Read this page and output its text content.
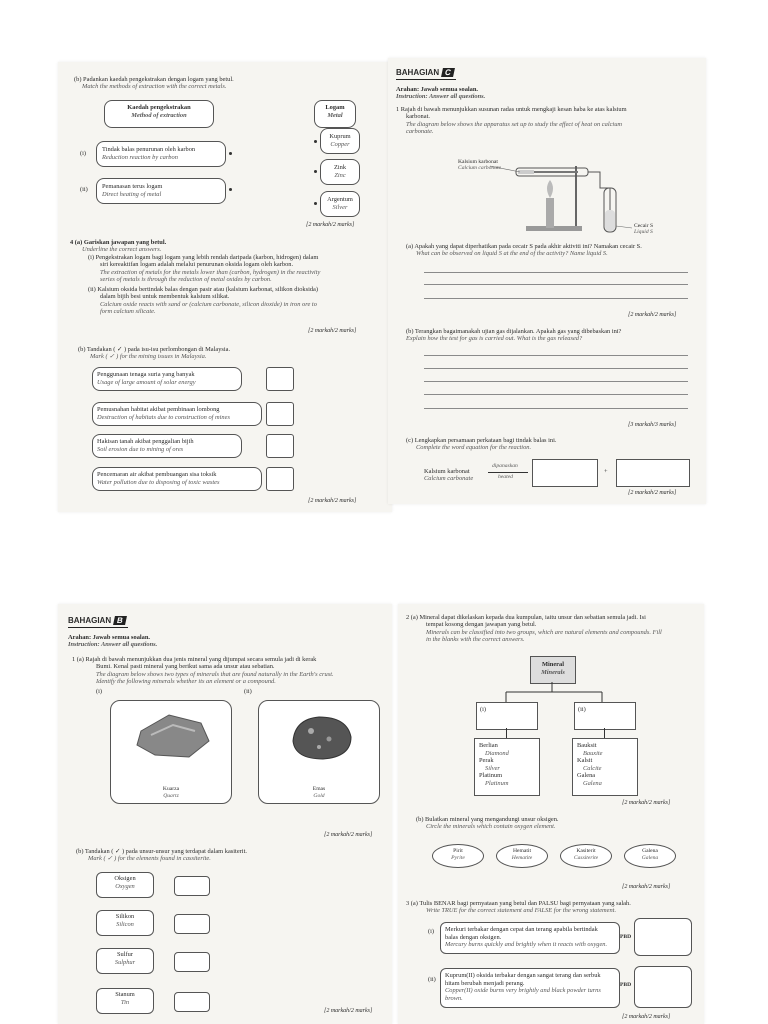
(b) Padankan kaedah pengekstrakan dengan logam yang betul.
Match the methods of extraction with the correct metals.
Kaedah pengekstrakan
Method of extraction
Logam
Metal
(i)
Tindak balas penurunan oleh karbon
Reduction reaction by carbon
(ii) Pemanasan terus logam
Direct heating of metal
Kuprum
Copper
Zink
Zinc
Argentum
Silver
[2 markah/2 marks]
4 (a) Gariskan jawapan yang betul.
Underline the correct answers.
(i) Pengekstrakan logam bagi logam yang lebih rendah daripada (karbon, hidrogen) dalam
siri kereaktifan logam adalah melalui penurunan oksida logam oleh karbon.
The extraction of metals for the metals lower than (carbon, hydrogen) in the reactivity
series of metals is through the reduction of metal oxides by carbon.
(ii) Kalsium oksida bertindak balas dengan pasir atau (kalsium karbonat, silikon dioksida)
dalam bijih besi untuk membentuk kalsium silikat.
Calcium oxide reacts with sand or (calcium carbonate, silicon dioxide) in iron ore to
form calcium silicate.
[2 markah/2 marks]
(b) Tandakan ( ✓ ) pada isu-isu perlombongan di Malaysia.
Mark ( ✓ ) for the mining issues in Malaysia.
Penggunaan tenaga suria yang banyak
Usage of large amount of solar energy
Pemusnahan habitat akibat pembinaan lombong
Destruction of habitats due to construction of mines
Hakisan tanah akibat penggalian bijih
Soil erosion due to mining of ores
Pencemaran air akibat pembuangan sisa toksik
Water pollution due to disposing of toxic wastes
[2 markah/2 marks]
BAHAGIAN C
Arahan: Jawab semua soalan.
Instruction: Answer all questions.
1 Rajah di bawah menunjukkan susunan radas untuk mengkaji kesan haba ke atas kalsium
karbonat.
The diagram below shows the apparatus set up to study the effect of heat on calcium
carbonate.
Kalsium karbonat
Calcium carbonate
Cecair S
Liquid S
(a) Apakah yang dapat diperhatikan pada cecair S pada akhir aktiviti ini? Namakan cecair S.
What can be observed on liquid S at the end of the activity? Name liquid S.
[2 markah/2 marks]
(b) Terangkan bagaimanakah ujian gas dijalankan. Apakah gas yang dibebaskan ini?
Explain how the test for gas is carried out. What is the gas released?
[3 markah/3 marks]
(c) Lengkapkan persamaan perkataan bagi tindak balas ini.
Complete the word equation for the reaction.
Kalsium karbonat
Calcium carbonate
dipanaskan
heated
+
[2 markah/2 marks]
BAHAGIAN B
Arahan: Jawab semua soalan.
Instruction: Answer all questions.
1 (a) Rajah di bawah menunjukkan dua jenis mineral yang dijumpai secara semula jadi di kerak
Bumi. Kenal pasti mineral yang berikut sama ada unsur atau sebatian.
The diagram below shows two types of minerals that are found naturally in the Earth's crust.
Identify the following minerals whether its an element or a compound.
(i)	(ii)
Kuarza
Quartz
Emas
Gold
[2 markah/2 marks]
(b) Tandakan ( ✓ ) pada unsur-unsur yang terdapat dalam kasiterit.
Mark ( ✓ ) for the elements found in cassiterite.
Oksigen
Oxygen
Silikon
Silicon
Sulfur
Sulphur
Stanum
Tin
[2 markah/2 marks]
2 (a) Mineral dapat dikelaskan kepada dua kumpulan, iaitu unsur dan sebatian semula jadi. Isi
tempat kosong dengan jawapan yang betul.
Minerals can be classified into two groups, which are natural elements and compounds. Fill
in the blanks with the correct answers.
Mineral
Minerals
(i)	(ii)
Berlian
Diamond
Perak
Silver
Platinum
Platinum
Bauksit
Bauxite
Kalsit
Calcite
Galena
Galena
[2 markah/2 marks]
(b) Bulatkan mineral yang mengandungi unsur oksigen.
Circle the minerals which contain oxygen element.
Pirit
Pyrite
Hematit
Hematite
Kasiterit
Cassiterite
Galena
Galena
[2 markah/2 marks]
3 (a) Tulis BENAR bagi pernyataan yang betul dan PALSU bagi pernyataan yang salah.
Write TRUE for the correct statement and FALSE for the wrong statement.
(i) Merkuri terbakar dengan cepat dan terang apabila bertindak
balas dengan oksigen.
Mercury burns quickly and brightly when it reacts with oxygen.
PBD
(ii)
Kuprum(II) oksida terbakar dengan sangat terang dan serbuk
hitam berubah menjadi perang.
Copper(II) oxide burns very brightly and black powder turns brown.
PBD
[2 markah/2 marks]
